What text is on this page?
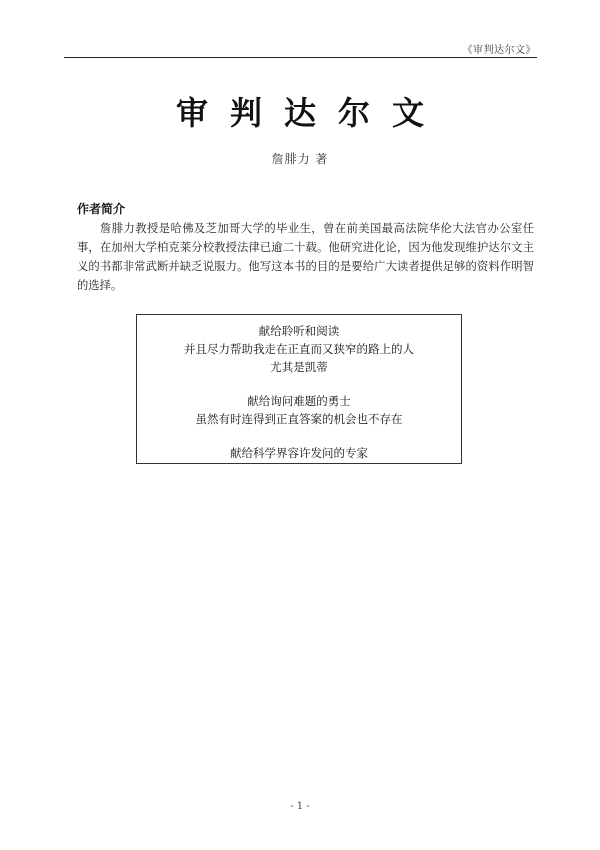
《审判达尔文》
审判达尔文
詹腓力 著
作者简介
詹腓力教授是哈佛及芝加哥大学的毕业生，曾在前美国最高法院华伦大法官办公室任事，在加州大学柏克莱分校教授法律已逾二十载。他研究进化论，因为他发现维护达尔文主义的书都非常武断并缺乏说服力。他写这本书的目的是要给广大读者提供足够的资料作明智的选择。
献给聆听和阅读
并且尽力帮助我走在正直而又狭窄的路上的人
尤其是凯蒂
献给询问难题的勇士
虽然有时连得到正直答案的机会也不存在
献给科学界容许发问的专家
- 1 -
